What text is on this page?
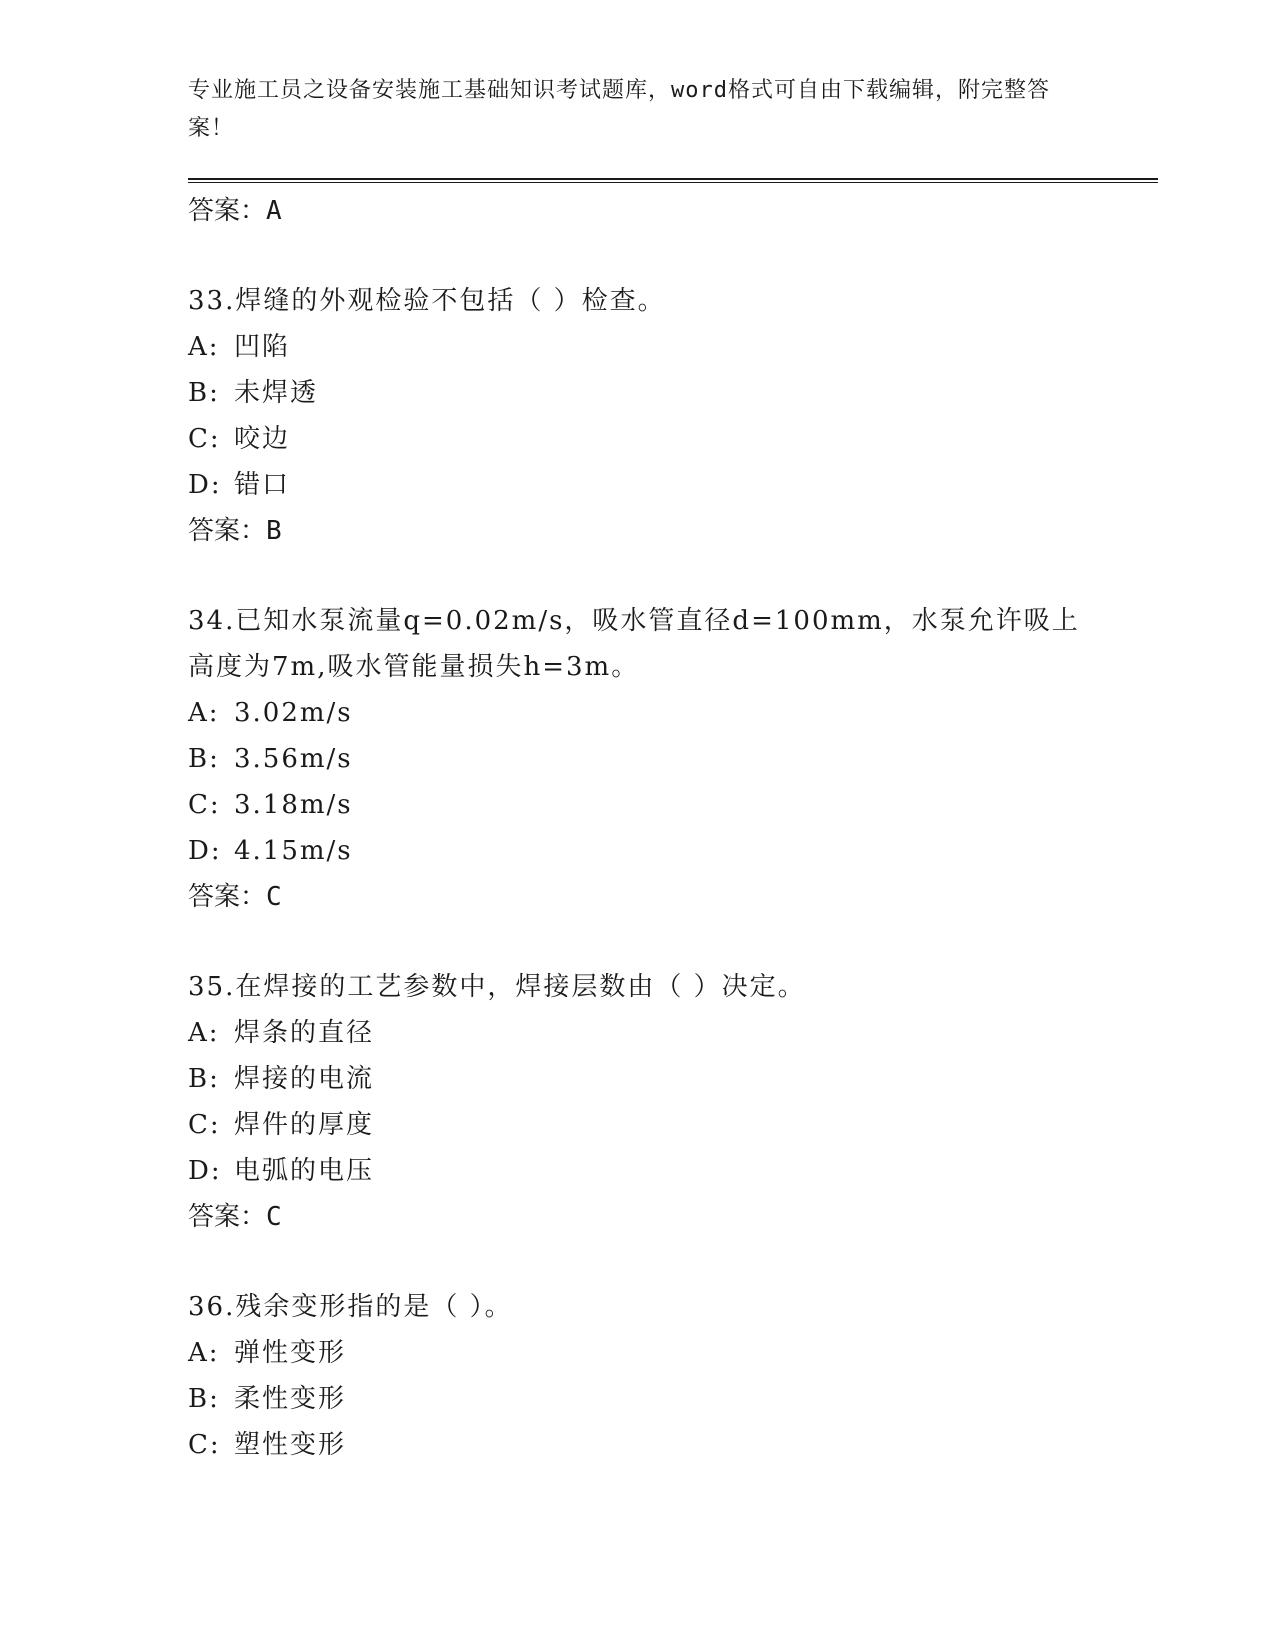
专业施工员之设备安装施工基础知识考试题库，word格式可自由下载编辑，附完整答案！
答案：A
33.焊缝的外观检验不包括（ ）检查。
A: 凹陷
B: 未焊透
C: 咬边
D: 错口
答案：B
34.已知水泵流量q=0.02m/s，吸水管直径d=100mm，水泵允许吸上高度为7m,吸水管能量损失h=3m。
A: 3.02m/s
B: 3.56m/s
C: 3.18m/s
D: 4.15m/s
答案：C
35.在焊接的工艺参数中，焊接层数由（ ）决定。
A: 焊条的直径
B: 焊接的电流
C: 焊件的厚度
D: 电弧的电压
答案：C
36.残余变形指的是（ ）。
A: 弹性变形
B: 柔性变形
C: 塑性变形
